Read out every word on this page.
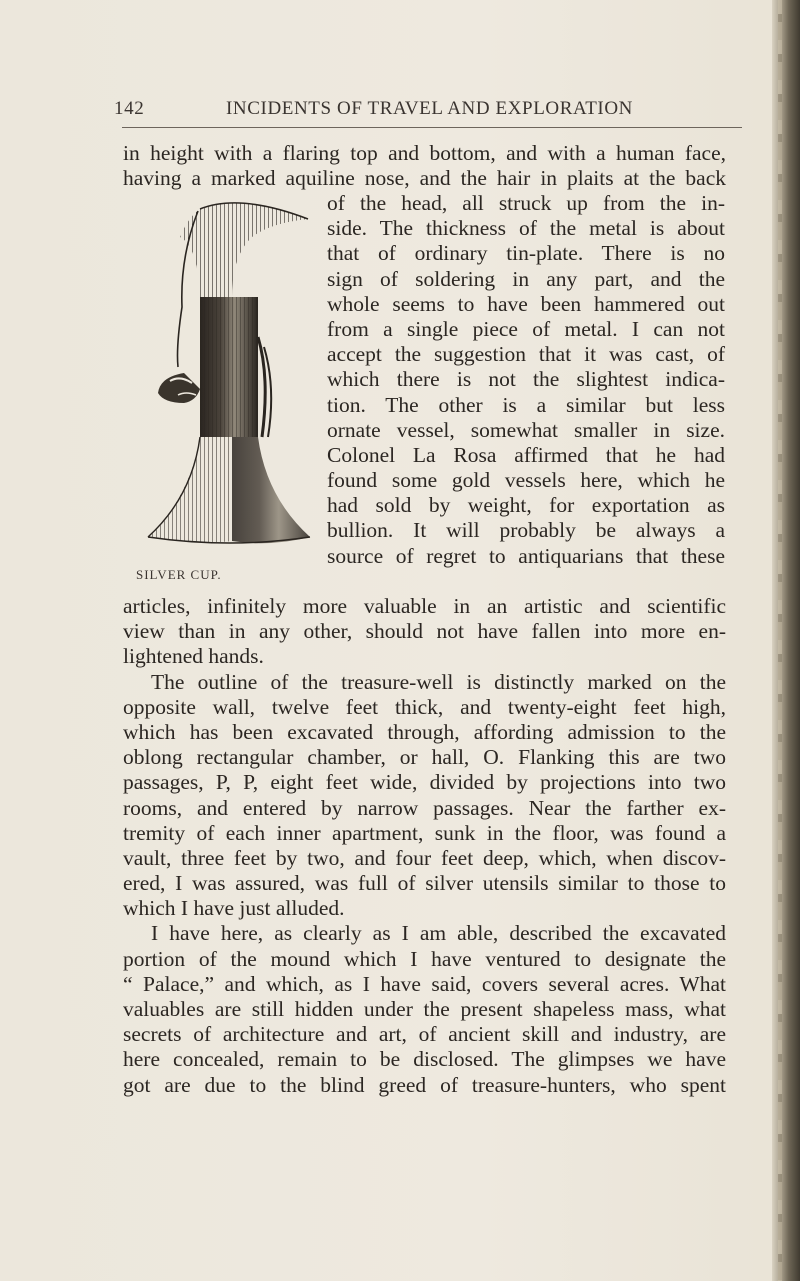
142	INCIDENTS OF TRAVEL AND EXPLORATION
in height with a flaring top and bottom, and with a human face,
having a marked aquiline nose, and the hair in plaits at the back
SILVER CUP.
of the head, all struck up from the in-
side. The thickness of the metal is about
that of ordinary tin-plate. There is no
sign of soldering in any part, and the
whole seems to have been hammered out
from a single piece of metal. I can not
accept the suggestion that it was cast, of
which there is not the slightest indica-
tion. The other is a similar but less
ornate vessel, somewhat smaller in size.
Colonel La Rosa affirmed that he had
found some gold vessels here, which he
had sold by weight, for exportation as
bullion. It will probably be always a
source of regret to antiquarians that these
articles, infinitely more valuable in an artistic and scientific
view than in any other, should not have fallen into more en-
lightened hands.
The outline of the treasure-well is distinctly marked on the
opposite wall, twelve feet thick, and twenty-eight feet high,
which has been excavated through, affording admission to the
oblong rectangular chamber, or hall, O. Flanking this are two
passages, P, P, eight feet wide, divided by projections into two
rooms, and entered by narrow passages. Near the farther ex-
tremity of each inner apartment, sunk in the floor, was found a
vault, three feet by two, and four feet deep, which, when discov-
ered, I was assured, was full of silver utensils similar to those to
which I have just alluded.
I have here, as clearly as I am able, described the excavated
portion of the mound which I have ventured to designate the
“ Palace,” and which, as I have said, covers several acres. What
valuables are still hidden under the present shapeless mass, what
secrets of architecture and art, of ancient skill and industry, are
here concealed, remain to be disclosed. The glimpses we have
got are due to the blind greed of treasure-hunters, who spent
